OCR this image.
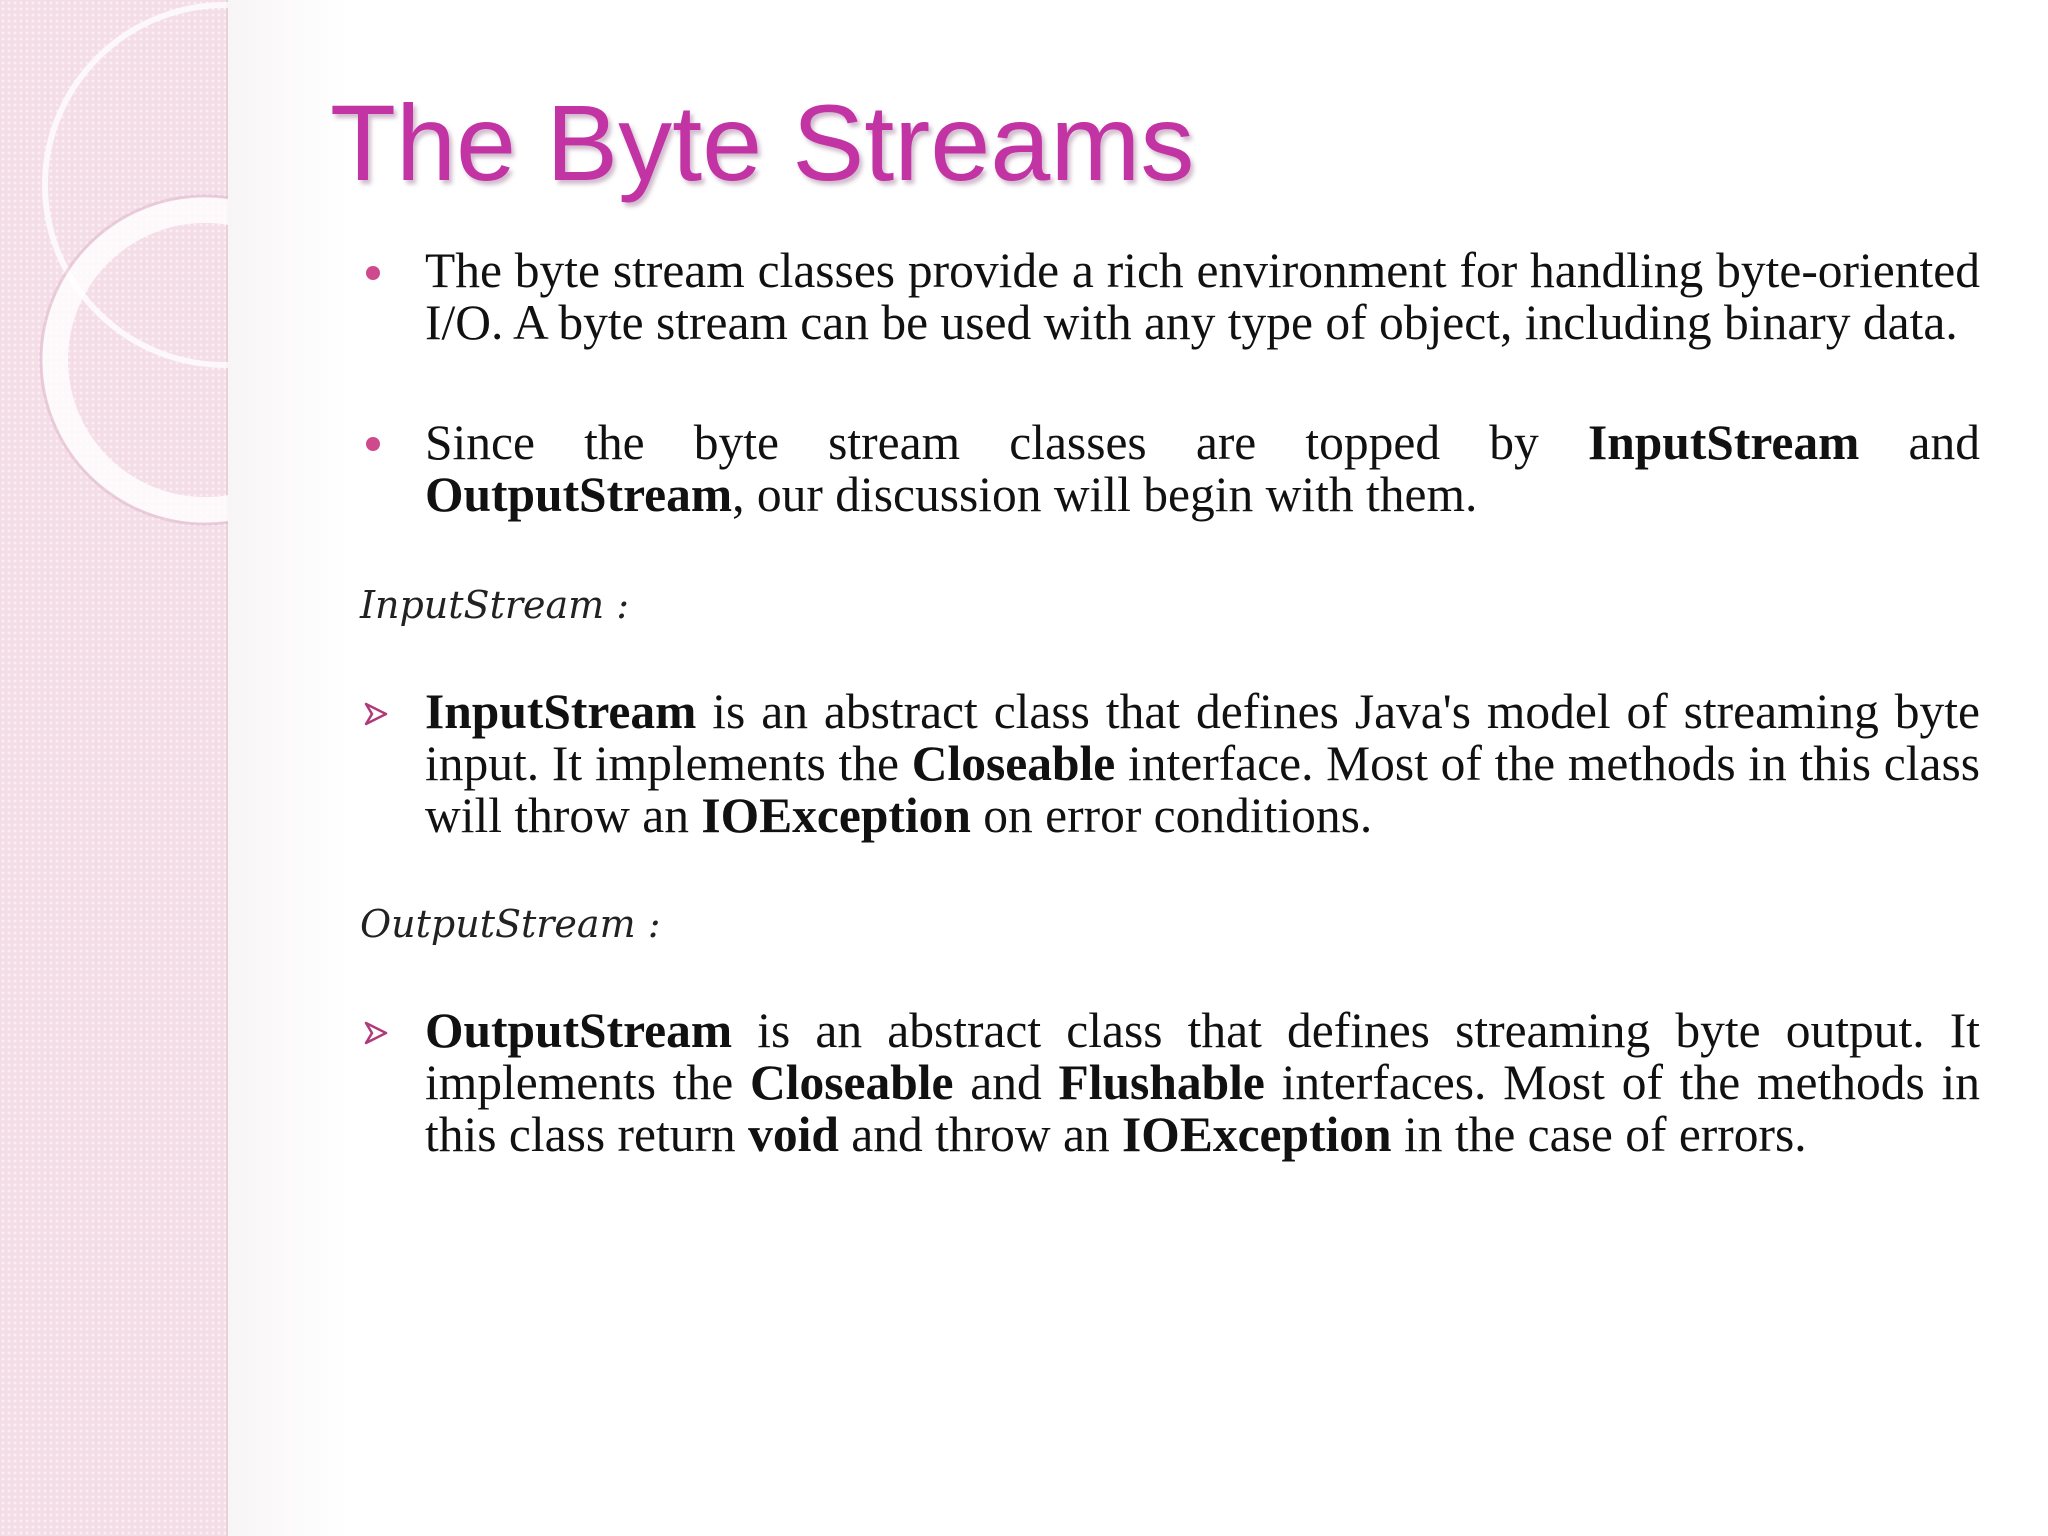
The Byte Streams

The byte stream classes provide a rich environment for handling byte-oriented I/O. A byte stream can be used with any type of object, including binary data.

Since the byte stream classes are topped by InputStream and OutputStream, our discussion will begin with them.

InputStream :

InputStream is an abstract class that defines Java's model of streaming byte input. It implements the Closeable interface. Most of the methods in this class will throw an IOException on error conditions.

OutputStream :

OutputStream is an abstract class that defines streaming byte output. It implements the Closeable and Flushable interfaces. Most of the methods in this class return void and throw an IOException in the case of errors.
